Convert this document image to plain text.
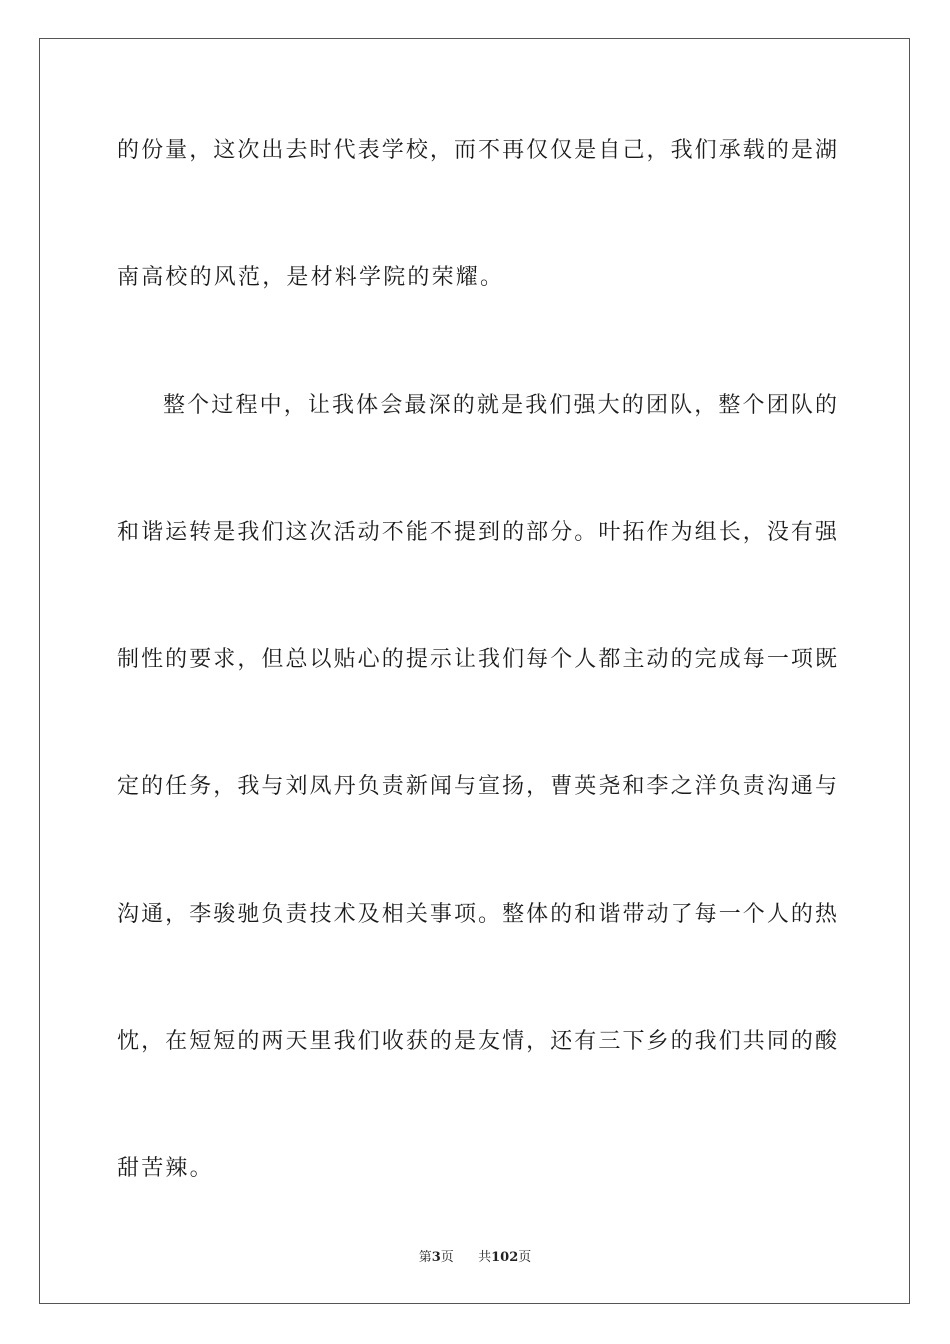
的份量，这次出去时代表学校，而不再仅仅是自己，我们承载的是湖
南高校的风范，是材料学院的荣耀。
整个过程中，让我体会最深的就是我们强大的团队，整个团队的
和谐运转是我们这次活动不能不提到的部分。叶拓作为组长，没有强
制性的要求，但总以贴心的提示让我们每个人都主动的完成每一项既
定的任务，我与刘凤丹负责新闻与宣扬，曹英尧和李之洋负责沟通与
沟通，李骏驰负责技术及相关事项。整体的和谐带动了每一个人的热
忱，在短短的两天里我们收获的是友情，还有三下乡的我们共同的酸
甜苦辣。
第3页 共102页
